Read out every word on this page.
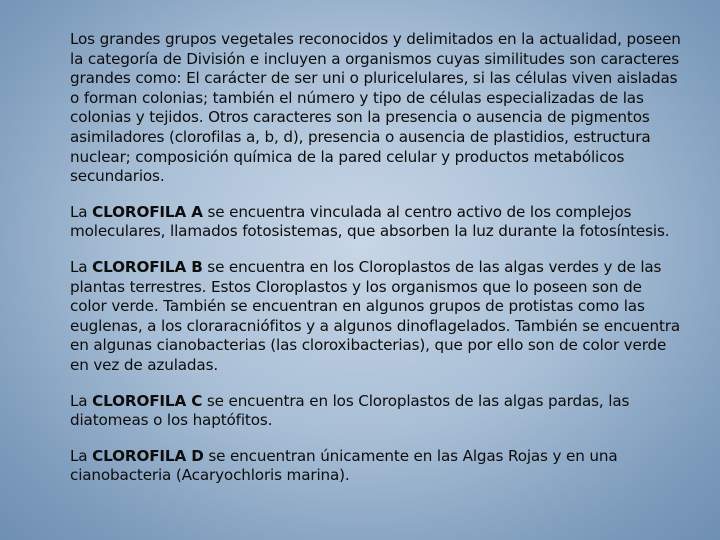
Los grandes grupos vegetales reconocidos y delimitados en la actualidad, poseen la categoría de División e incluyen a organismos cuyas similitudes son caracteres grandes como: El carácter de ser uni o pluricelulares, si las células viven aisladas o forman colonias; también el número y tipo de células especializadas de las colonias y tejidos. Otros caracteres son la presencia o ausencia de pigmentos asimiladores (clorofilas a, b, d), presencia o ausencia de plastidios, estructura nuclear; composición química de la pared celular y productos metabólicos secundarios.

La CLOROFILA A se encuentra vinculada al centro activo de los complejos moleculares, llamados fotosistemas, que absorben la luz durante la fotosíntesis.

La CLOROFILA B se encuentra en los Cloroplastos de las algas verdes y de las plantas terrestres. Estos Cloroplastos y los organismos que lo poseen son de color verde. También se encuentran en algunos grupos de protistas como las euglenas, a los cloraracniófitos y a algunos dinoflagelados. También se encuentra en algunas cianobacterias (las cloroxibacterias), que por ello son de color verde en vez de azuladas.

La CLOROFILA C se encuentra en los Cloroplastos de las algas pardas, las diatomeas o los haptófitos.

La CLOROFILA D se encuentran únicamente en las Algas Rojas y en una cianobacteria (Acaryochloris marina).
